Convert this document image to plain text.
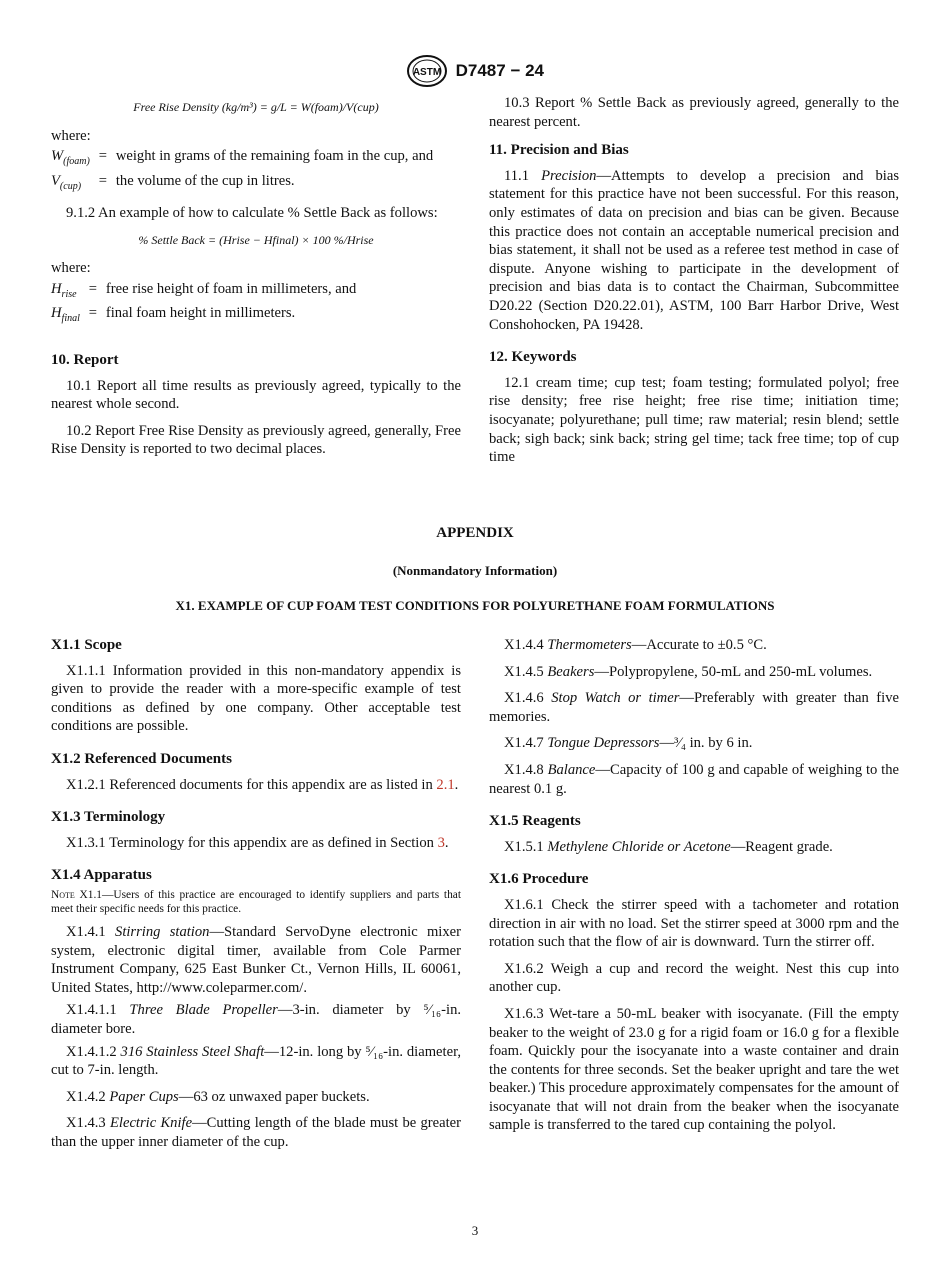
ASTM D7487 − 24
Free Rise Density (kg/m³) = g/L = W(foam)/V(cup)

where:

$W_{(foam)}$ = weight in grams of the remaining foam in the cup, and
$V_{(cup)}$	= the volume of the cup in litres.

9.1.2 An example of how to calculate % Settle Back as follows:

% Settle Back = (Hrise − Hfinal) × 100 %/Hrise

where:

$H_{rise}$ = free rise height of foam in millimeters, and
$H_{final}$ = final foam height in millimeters.
10. Report

10.1 Report all time results as previously agreed, typically to the nearest whole second.

10.2 Report Free Rise Density as previously agreed, generally, Free Rise Density is reported to two decimal places.

10.3 Report % Settle Back as previously agreed, generally to the nearest percent.

11. Precision and Bias

11.1 Precision—Attempts to develop a precision and bias statement for this practice have not been successful. For this reason, only estimates of data on precision and bias can be given. Because this practice does not contain an acceptable numerical precision and bias statement, it shall not be used as a referee test method in case of dispute. Anyone wishing to participate in the development of precision and bias data is to contact the Chairman, Subcommittee D20.22 (Section D20.22.01), ASTM, 100 Barr Harbor Drive, West Conshohocken, PA 19428.

12. Keywords

12.1 cream time; cup test; foam testing; formulated polyol; free rise density; free rise height; free rise time; initiation time; isocyanate; polyurethane; pull time; raw material; resin blend; settle back; sigh back; sink back; string gel time; tack free time; top of cup time

APPENDIX
(Nonmandatory Information)
X1. EXAMPLE OF CUP FOAM TEST CONDITIONS FOR POLYURETHANE FOAM FORMULATIONS
X1.1 Scope

X1.1.1 Information provided in this non-mandatory appendix is given to provide the reader with a more-specific example of test conditions as defined by one company. Other acceptable test conditions are possible.

X1.2 Referenced Documents

X1.2.1 Referenced documents for this appendix are as listed in 2.1.

X1.3 Terminology

X1.3.1 Terminology for this appendix are as defined in Section 3.

X1.4 Apparatus

Note X1.1—Users of this practice are encouraged to identify suppliers and parts that meet their specific needs for this practice.

X1.4.1 Stirring station—Standard ServoDyne electronic mixer system, electronic digital timer, available from Cole Parmer Instrument Company, 625 East Bunker Ct., Vernon Hills, IL 60061, United States, http://www.coleparmer.com/.

X1.4.1.1 Three Blade Propeller—3-in. diameter by ⁵⁄₁₆-in. diameter bore.

X1.4.1.2 316 Stainless Steel Shaft—12-in. long by ⁵⁄₁₆-in. diameter, cut to 7-in. length.

X1.4.2 Paper Cups—63 oz unwaxed paper buckets.

X1.4.3 Electric Knife—Cutting length of the blade must be greater than the upper inner diameter of the cup.

X1.4.4 Thermometers—Accurate to ±0.5 °C.

X1.4.5 Beakers—Polypropylene, 50-mL and 250-mL volumes.

X1.4.6 Stop Watch or timer—Preferably with greater than five memories.

X1.4.7 Tongue Depressors—³⁄₄ in. by 6 in.

X1.4.8 Balance—Capacity of 100 g and capable of weighing to the nearest 0.1 g.

X1.5 Reagents

X1.5.1 Methylene Chloride or Acetone—Reagent grade.

X1.6 Procedure

X1.6.1 Check the stirrer speed with a tachometer and rotation direction in air with no load. Set the stirrer speed at 3000 rpm and the rotation such that the flow of air is downward. Turn the stirrer off.

X1.6.2 Weigh a cup and record the weight. Nest this cup into another cup.

X1.6.3 Wet-tare a 50-mL beaker with isocyanate. (Fill the empty beaker to the weight of 23.0 g for a rigid foam or 16.0 g for a flexible foam. Quickly pour the isocyanate into a waste container and drain the contents for three seconds. Set the beaker upright and tare the wet beaker.) This procedure approximately compensates for the amount of isocyanate that will not drain from the beaker when the isocyanate sample is transferred to the tared cup containing the polyol.

3
